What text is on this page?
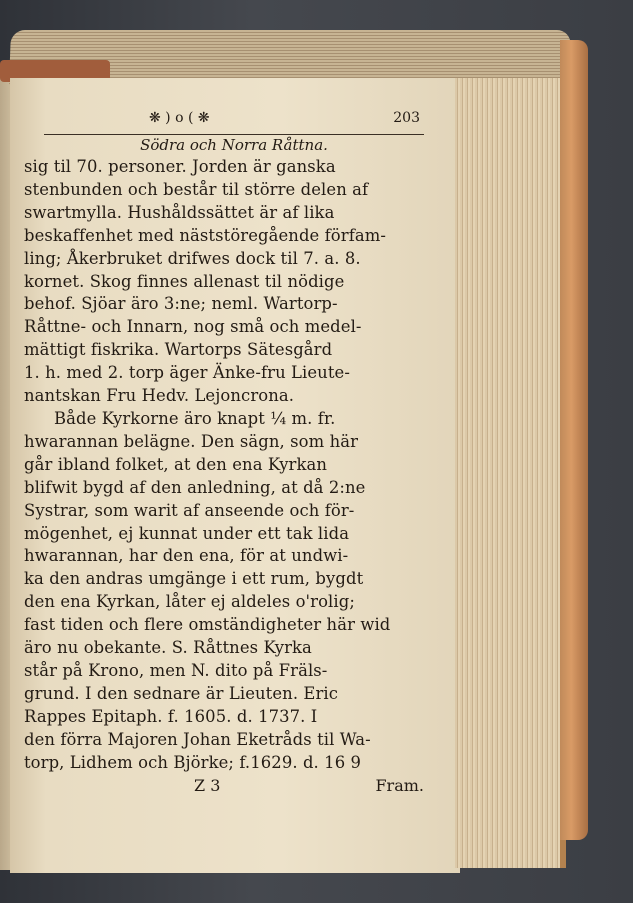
❋ ) o ( ❋	203
Södra och Norra Råttna.
sig til 70. personer. Jorden är ganska
stenbunden och består til större delen af
swartmylla. Hushåldssättet är af lika
beskaffenhet med näststöregående förfam-
ling; Åkerbruket drifwes dock til 7. a. 8.
kornet. Skog finnes allenast til nödige
behof. Sjöar äro 3:ne; neml. Wartorp-
Råttne- och Innarn, nog små och medel-
mättigt fiskrika. Wartorps Sätesgård
1. h. med 2. torp äger Änke-fru Lieute-
nantskan Fru Hedv. Lejoncrona.
Både Kyrkorne äro knapt ¼ m. fr.
hwarannan belägne. Den sägn, som här
går ibland folket, at den ena Kyrkan
blifwit bygd af den anledning, at då 2:ne
Systrar, som warit af anseende och för-
mögenhet, ej kunnat under ett tak lida
hwarannan, har den ena, för at undwi-
ka den andras umgänge i ett rum, bygdt
den ena Kyrkan, låter ej aldeles o'rolig;
fast tiden och flere omständigheter här wid
äro nu obekante. S. Råttnes Kyrka
står på Krono, men N. dito på Fräls-
grund. I den sednare är Lieuten. Eric
Rappes Epitaph. f. 1605. d. 1737. I
den förra Majoren Johan Eketråds til Wa-
torp, Lidhem och Björke; f.1629. d. 16 9
Z 3	Fram.
